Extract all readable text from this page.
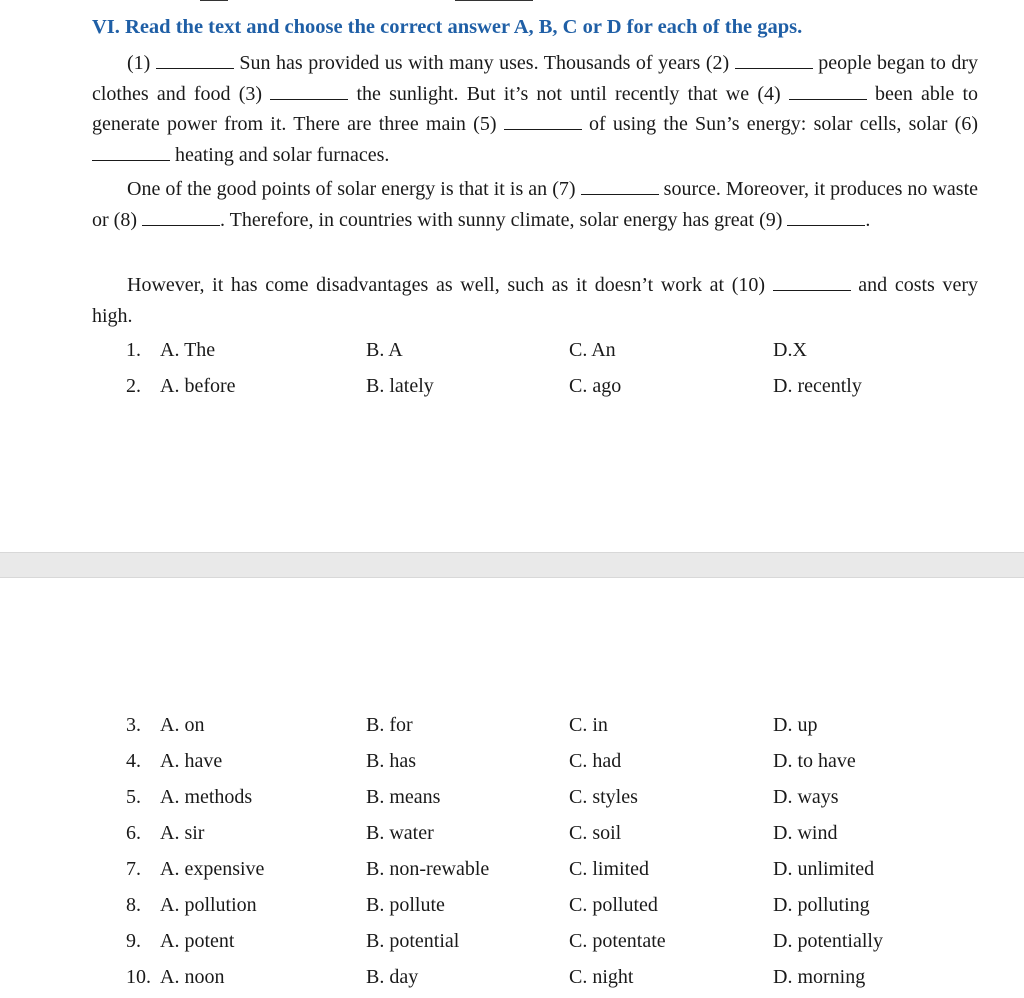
VI. Read the text and choose the correct answer A, B, C or D for each of the gaps.

(1)	Sun has provided us with many uses. Thousands of years (2)	people began to dry clothes and food (3)	the sunlight. But it’s not until recently that we (4)	been able to generate power from it. There are three main (5)	of using the Sun’s energy: solar cells, solar (6)  heating and solar furnaces.

One of the good points of solar energy is that it is an (7)	source. Moreover, it produces no waste or (8)	. Therefore, in countries with sunny climate, solar energy has great (9)	.

However, it has come disadvantages as well, such as it doesn’t work at (10)	and costs very high.

1. A. The	B. A	C. An	D.X
2. A. before	B. lately	C. ago	D. recently
3. A. on	B. for	C. in	D. up
4. A. have	B. has	C. had	D. to have
5. A. methods	B. means	C. styles	D. ways
6. A. sir	B. water	C. soil	D. wind
7. A. expensive	B. non-rewable	C. limited	D. unlimited
8. A. pollution	B. pollute	C. polluted	D. polluting
9. A. potent	B. potential	C. potentate	D. potentially
10. A. noon	B. day	C. night	D. morning
